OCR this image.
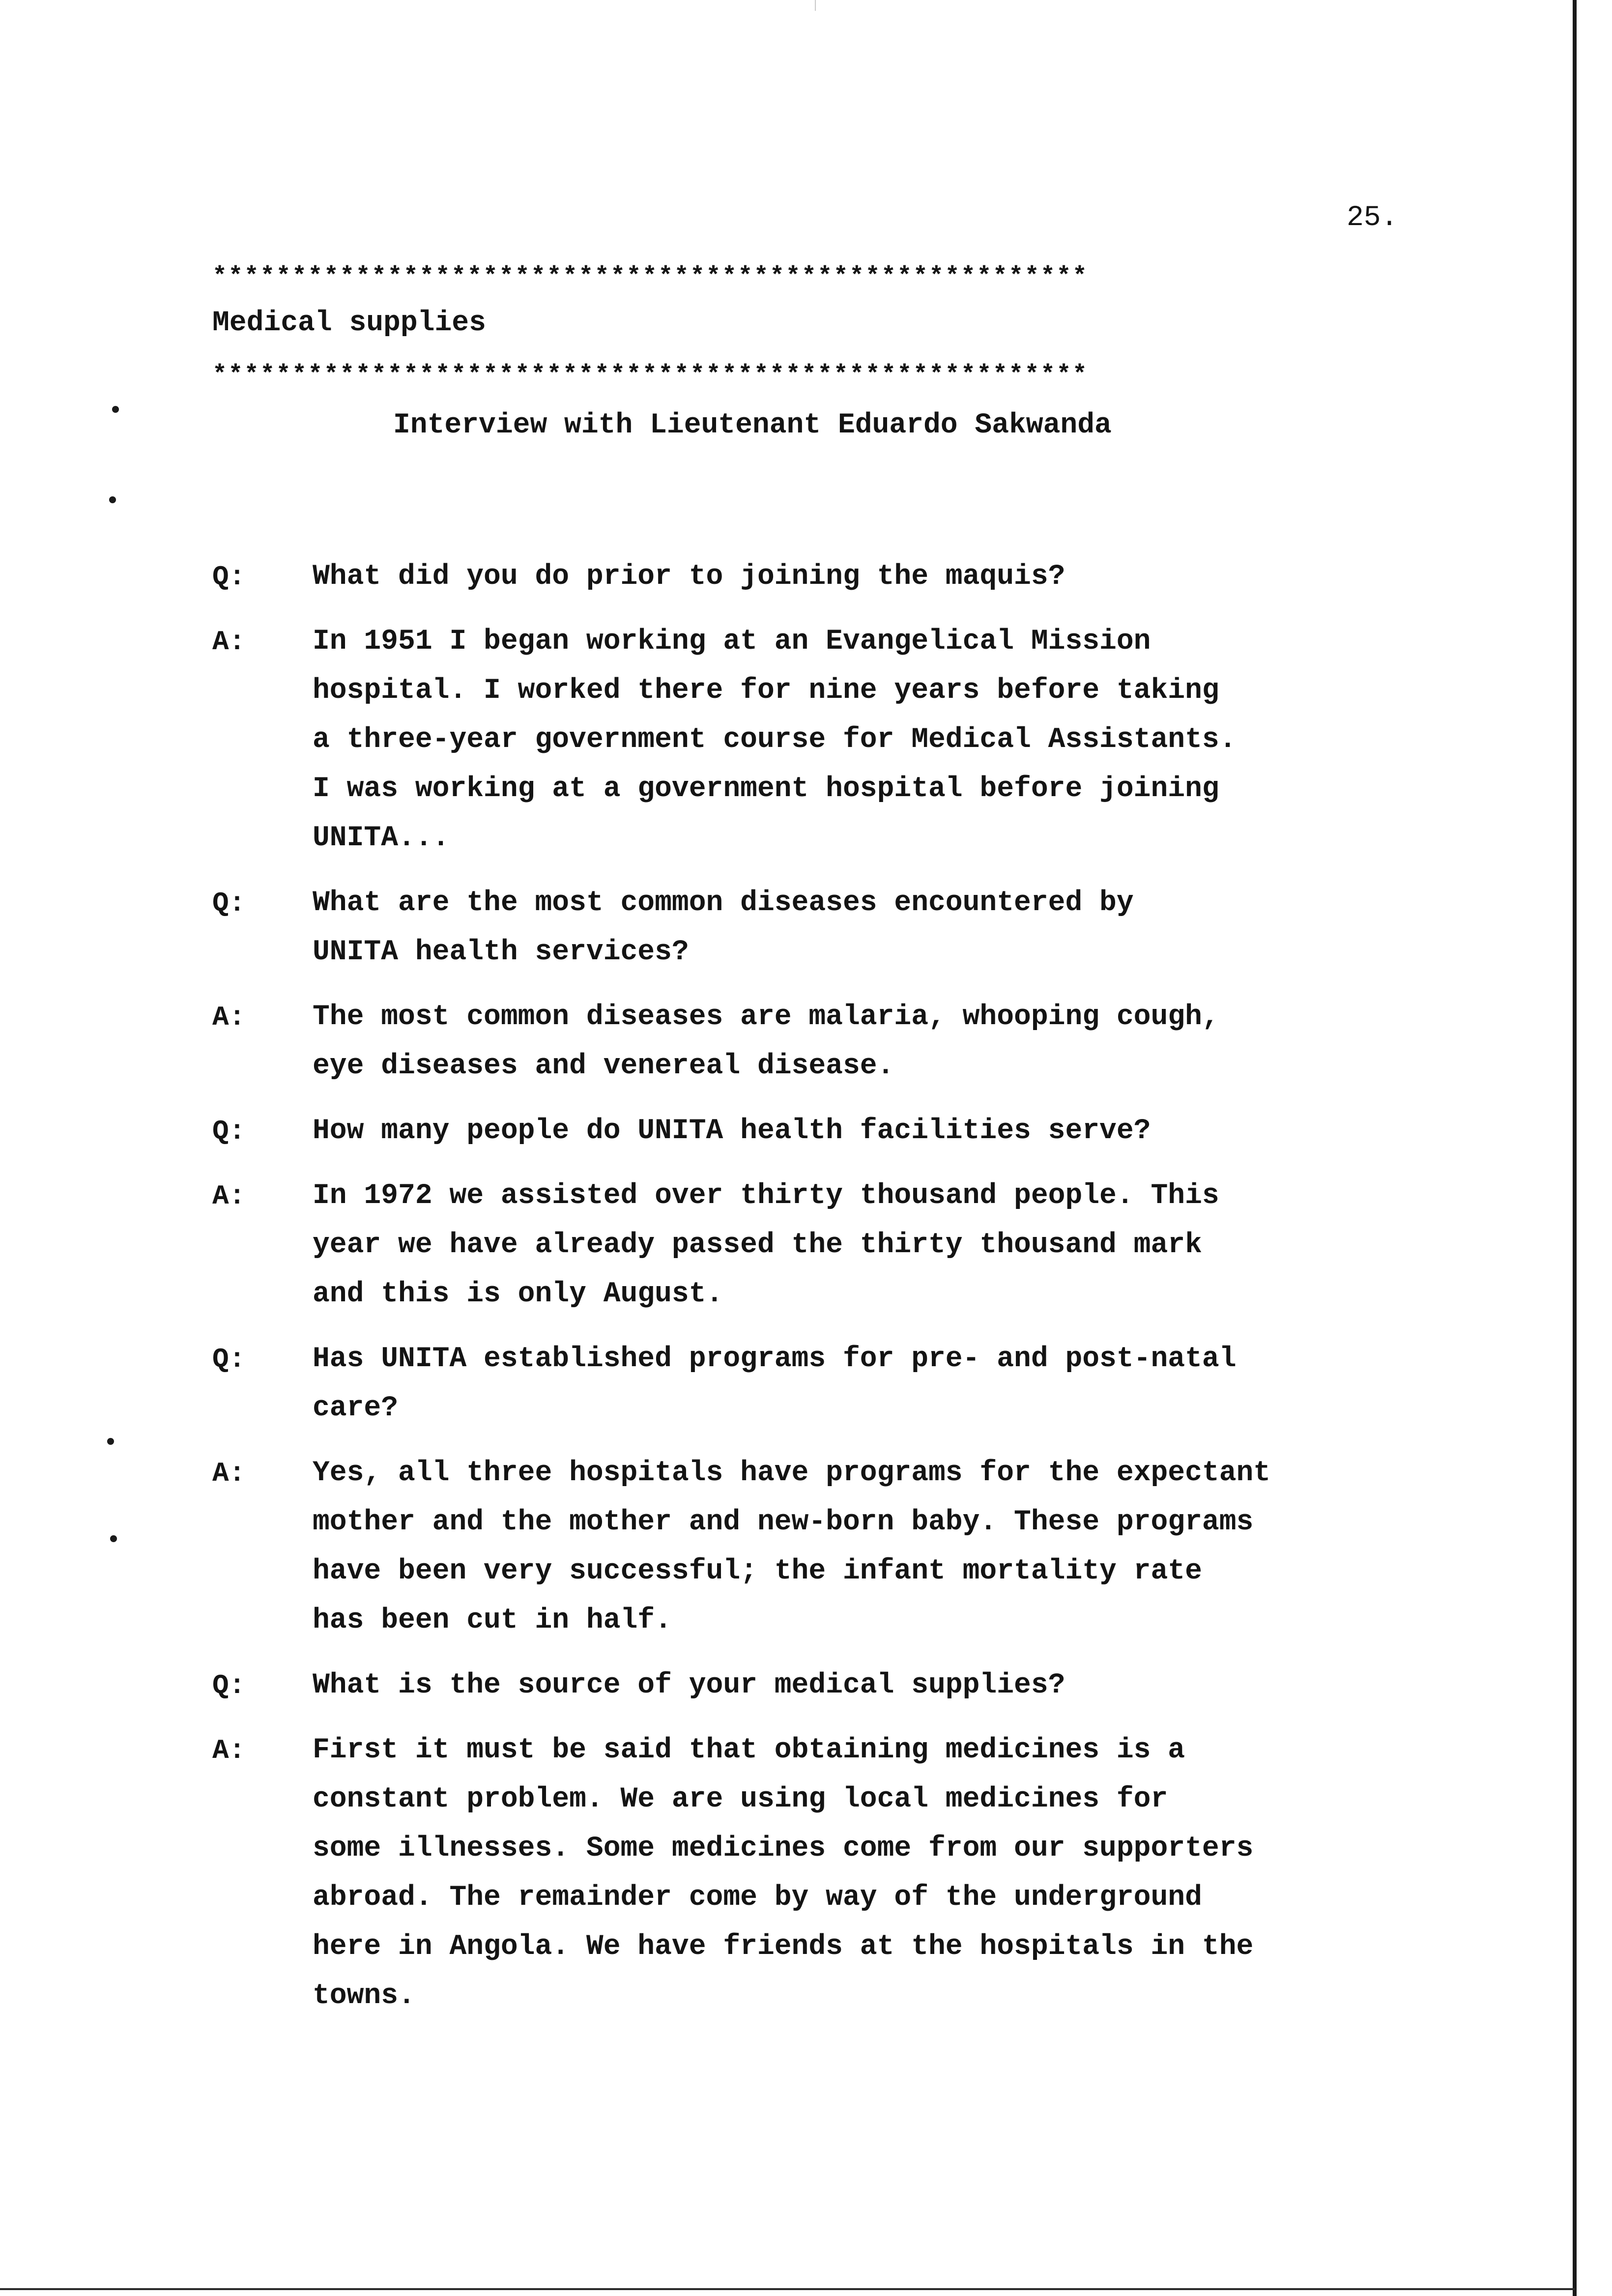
25.
*******************************************************
Medical supplies
*******************************************************
Interview with Lieutenant Eduardo Sakwanda
Q:	What did you do prior to joining the maquis?
A:	In 1951 I began working at an Evangelical Mission
hospital. I worked there for nine years before taking
a three-year government course for Medical Assistants.
I was working at a government hospital before joining
UNITA...
Q:	What are the most common diseases encountered by
UNITA health services?
A:	The most common diseases are malaria, whooping cough,
eye diseases and venereal disease.
Q:	How many people do UNITA health facilities serve?
A:	In 1972 we assisted over thirty thousand people. This
year we have already passed the thirty thousand mark
and this is only August.
Q:	Has UNITA established programs for pre- and post-natal
care?
A:	Yes, all three hospitals have programs for the expectant
mother and the mother and new-born baby. These programs
have been very successful; the infant mortality rate
has been cut in half.
Q:	What is the source of your medical supplies?
A:	First it must be said that obtaining medicines is a
constant problem. We are using local medicines for
some illnesses. Some medicines come from our supporters
abroad. The remainder come by way of the underground
here in Angola. We have friends at the hospitals in the
towns.
